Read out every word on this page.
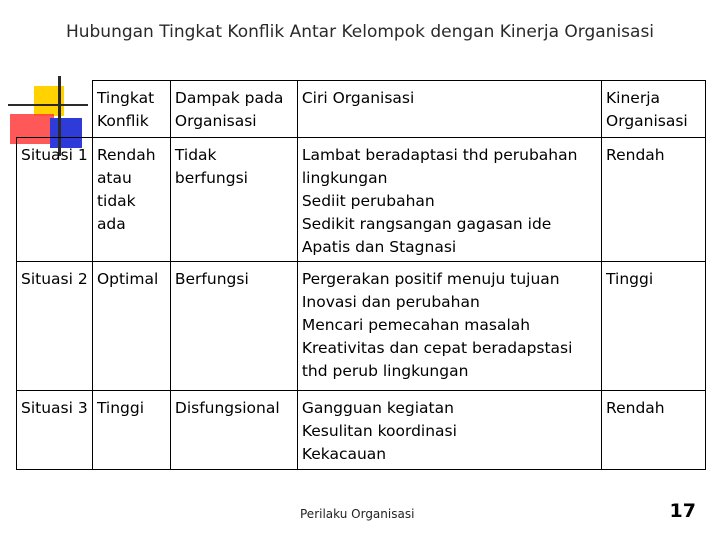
Hubungan Tingkat Konflik Antar Kelompok dengan Kinerja Organisasi
	Tingkat Konflik	Dampak pada Organisasi	Ciri Organisasi	Kinerja Organisasi
Situasi 1	Rendah atau tidak ada	Tidak berfungsi	Lambat beradaptasi thd perubahan lingkungan
Sediit perubahan
Sedikit rangsangan gagasan ide
Apatis dan Stagnasi	Rendah
Situasi 2	Optimal	Berfungsi	Pergerakan positif menuju tujuan
Inovasi dan perubahan
Mencari pemecahan masalah
Kreativitas dan cepat beradapstasi thd perub lingkungan	Tinggi
Situasi 3	Tinggi	Disfungsional	Gangguan kegiatan
Kesulitan koordinasi
Kekacauan	Rendah
Perilaku Organisasi	17
